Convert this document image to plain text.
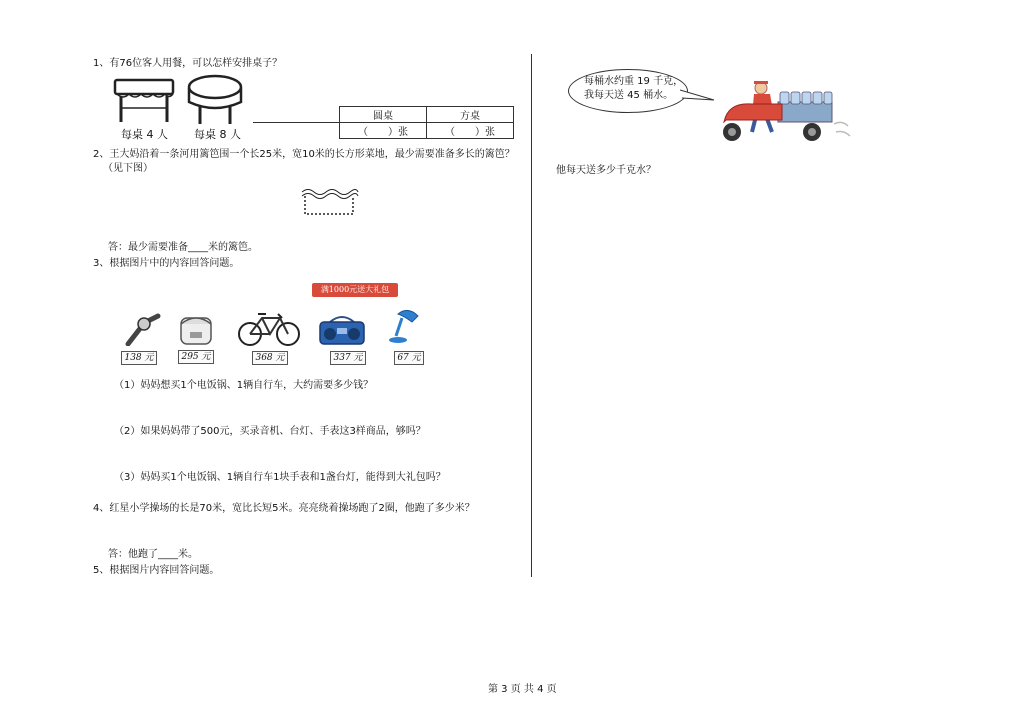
1、有76位客人用餐，可以怎样安排桌子？
每桌 4 人 每桌 8 人
	圆桌	方桌
	（　　）张	（　　）张
2、王大妈沿着一条河用篱笆围一个长25米，宽10米的长方形菜地，最少需要准备多长的篱笆？
（见下图）
答：最少需要准备____米的篱笆。
3、根据图片中的内容回答问题。
满1000元送大礼包
138 元	295 元	368 元	337 元	67 元
（1）妈妈想买1个电饭锅、1辆自行车，大约需要多少钱？
（2）如果妈妈带了500元，买录音机、台灯、手表这3样商品，够吗？
（3）妈妈买1个电饭锅、1辆自行车1块手表和1盏台灯，能得到大礼包吗？
4、红星小学操场的长是70米，宽比长短5米。亮亮绕着操场跑了2圈，他跑了多少米？
答：他跑了____米。
5、根据图片内容回答问题。
每桶水约重 19 千克，
我每天送 45 桶水。
他每天送多少千克水？
第 3 页 共 4 页
